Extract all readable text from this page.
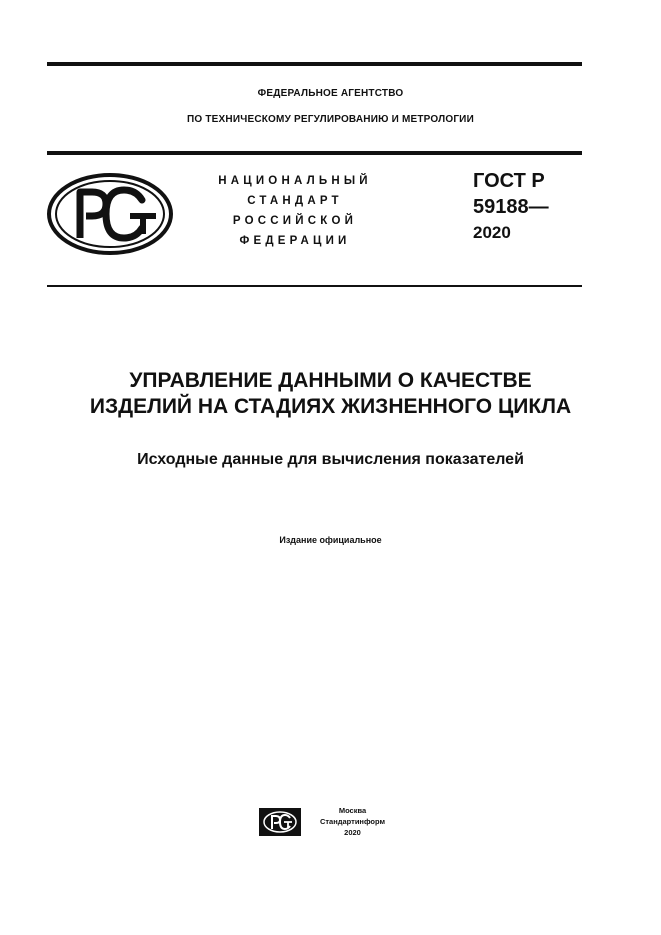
ФЕДЕРАЛЬНОЕ АГЕНТСТВО
ПО ТЕХНИЧЕСКОМУ РЕГУЛИРОВАНИЮ И МЕТРОЛОГИИ
НАЦИОНАЛЬНЫЙ
СТАНДАРТ
РОССИЙСКОЙ
ФЕДЕРАЦИИ
ГОСТ Р
59188—
2020
УПРАВЛЕНИЕ ДАННЫМИ О КАЧЕСТВЕ
ИЗДЕЛИЙ НА СТАДИЯХ ЖИЗНЕННОГО ЦИКЛА
Исходные данные для вычисления показателей
Издание официальное
Москва
Стандартинформ
2020
